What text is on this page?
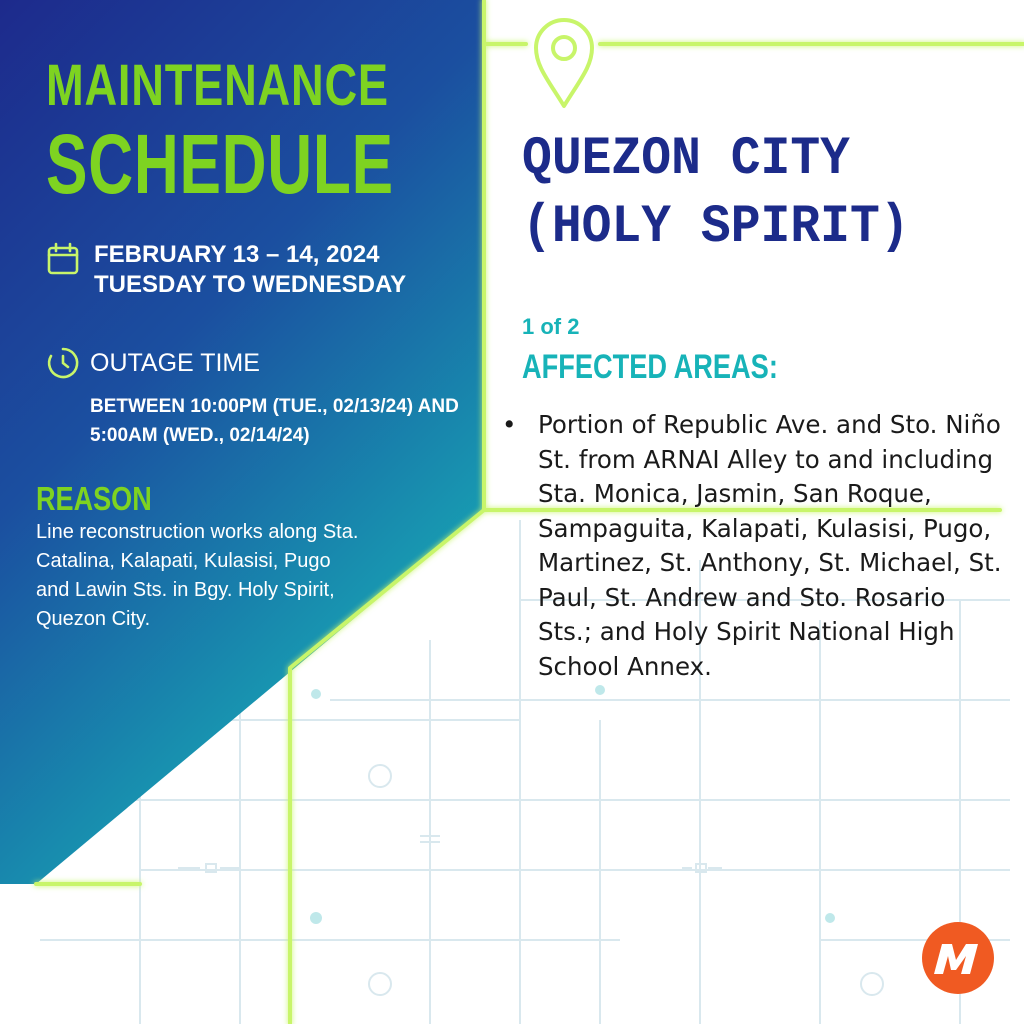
MAINTENANCE
SCHEDULE
FEBRUARY 13 – 14, 2024
TUESDAY TO WEDNESDAY
OUTAGE TIME
BETWEEN 10:00PM (TUE., 02/13/24) AND 5:00AM (WED., 02/14/24)
REASON
Line reconstruction works along Sta. Catalina, Kalapati, Kulasisi, Pugo and Lawin Sts. in Bgy. Holy Spirit, Quezon City.
QUEZON CITY
(HOLY SPIRIT)
1 of 2
AFFECTED AREAS:
• Portion of Republic Ave. and Sto. Niño St. from ARNAI Alley to and including Sta. Monica, Jasmin, San Roque, Sampaguita, Kalapati, Kulasisi, Pugo, Martinez, St. Anthony, St. Michael, St. Paul, St. Andrew and Sto. Rosario Sts.; and Holy Spirit National High School Annex.
